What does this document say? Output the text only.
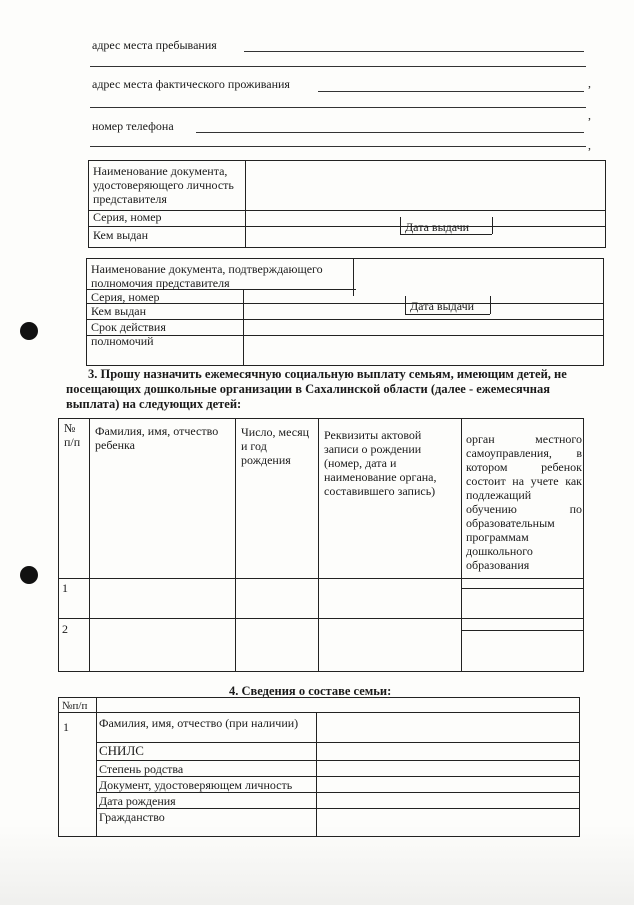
адрес места пребывания
адрес места фактического проживания	,
,
номер телефона
,
Наименование документа, удостоверяющего личность представителя
Серия, номер
Дата выдачи
Кем выдан
Наименование документа, подтверждающего полномочия представителя
Серия, номер
Дата выдачи
Кем выдан
Срок действия полномочий
3. Прошу назначить ежемесячную социальную выплату семьям, имеющим детей, не посещающих дошкольные организации в Сахалинской области (далее - ежемесячная выплата) на следующих детей:
№ п/п
Фамилия, имя, отчество ребенка
Число, месяц и год рождения
Реквизиты актовой записи о рождении (номер, дата и наименование органа, составившего запись)
орган местного самоуправления, в котором ребенок состоит на учете как подлежащий обучению по образовательным программам дошкольного образования
1
2
4. Сведения о составе семьи:
№п/п
1	Фамилия, имя, отчество (при наличии)
СНИЛС
Степень родства
Документ, удостоверяющем личность
Дата рождения
Гражданство
